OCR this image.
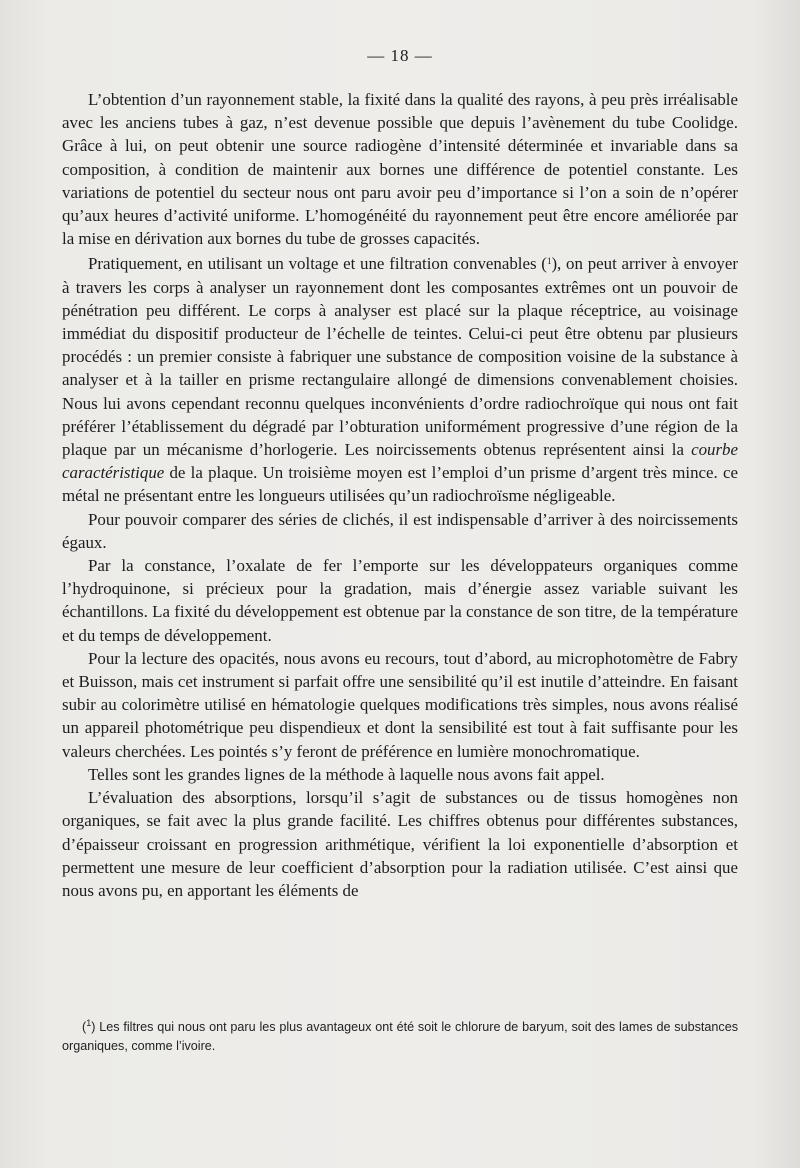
— 18 —

L’obtention d’un rayonnement stable, la fixité dans la qualité des rayons, à peu près irréalisable avec les anciens tubes à gaz, n’est devenue possible que depuis l’avènement du tube Coolidge. Grâce à lui, on peut obtenir une source radiogène d’intensité déterminée et invariable dans sa composition, à condition de maintenir aux bornes une différence de potentiel constante. Les variations de potentiel du secteur nous ont paru avoir peu d’importance si l’on a soin de n’opérer qu’aux heures d’activité uniforme. L’homogénéité du rayonnement peut être encore améliorée par la mise en dérivation aux bornes du tube de grosses capacités.

Pratiquement, en utilisant un voltage et une filtration convenables ($^1$), on peut arriver à envoyer à travers les corps à analyser un rayonnement dont les composantes extrêmes ont un pouvoir de pénétration peu différent. Le corps à analyser est placé sur la plaque réceptrice, au voisinage immédiat du dispositif producteur de l’échelle de teintes. Celui-ci peut être obtenu par plusieurs procédés : un premier consiste à fabriquer une substance de composition voisine de la substance à analyser et à la tailler en prisme rectangulaire allongé de dimensions convenablement choisies. Nous lui avons cependant reconnu quelques inconvénients d’ordre radiochroïque qui nous ont fait préférer l’établissement du dégradé par l’obturation uniformément progressive d’une région de la plaque par un mécanisme d’horlogerie. Les noircissements obtenus représentent ainsi la courbe caractéristique de la plaque. Un troisième moyen est l’emploi d’un prisme d’argent très mince. ce métal ne présentant entre les longueurs utilisées qu’un radiochroïsme négligeable.

Pour pouvoir comparer des séries de clichés, il est indispensable d’arriver à des noircissements égaux.

Par la constance, l’oxalate de fer l’emporte sur les développateurs organiques comme l’hydroquinone, si précieux pour la gradation, mais d’énergie assez variable suivant les échantillons. La fixité du développement est obtenue par la constance de son titre, de la température et du temps de développement.

Pour la lecture des opacités, nous avons eu recours, tout d’abord, au microphotomètre de Fabry et Buisson, mais cet instrument si parfait offre une sensibilité qu’il est inutile d’atteindre. En faisant subir au colorimètre utilisé en hématologie quelques modifications très simples, nous avons réalisé un appareil photométrique peu dispendieux et dont la sensibilité est tout à fait suffisante pour les valeurs cherchées. Les pointés s’y feront de préférence en lumière monochromatique.

Telles sont les grandes lignes de la méthode à laquelle nous avons fait appel.

L’évaluation des absorptions, lorsqu’il s’agit de substances ou de tissus homogènes non organiques, se fait avec la plus grande facilité. Les chiffres obtenus pour différentes substances, d’épaisseur croissant en progression arithmétique, vérifient la loi exponentielle d’absorption et permettent une mesure de leur coefficient d’absorption pour la radiation utilisée. C’est ainsi que nous avons pu, en apportant les éléments de

($^1$) Les filtres qui nous ont paru les plus avantageux ont été soit le chlorure de baryum, soit des lames de substances organiques, comme l’ivoire.
